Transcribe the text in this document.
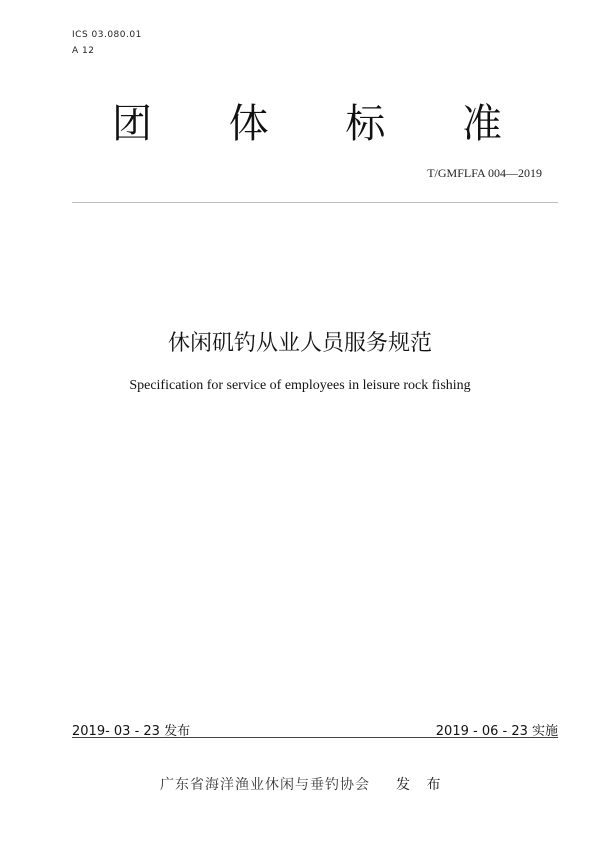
ICS 03.080.01
A 12
团 体 标 准
T/GMFLFA 004—2019
休闲矶钓从业人员服务规范
Specification for service of employees in leisure rock fishing
2019- 03 - 23 发布	2019 - 06 - 23 实施
广东省海洋渔业休闲与垂钓协会 发 布
